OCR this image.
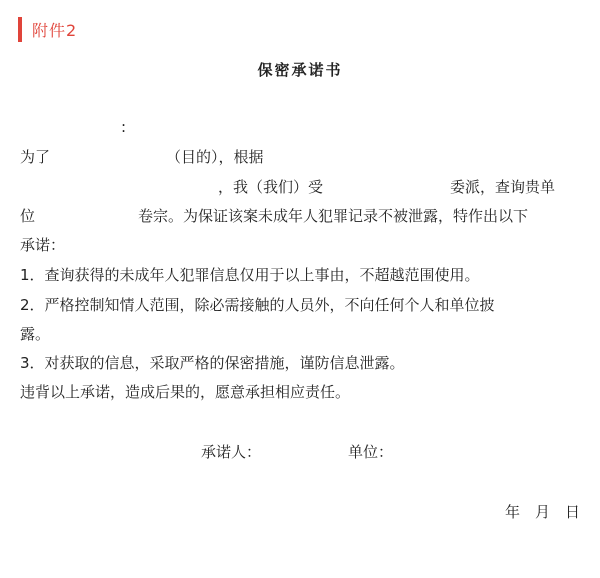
附件2
保密承诺书
:
为了	（目的），根据
，我（我们）受	委派，查询贵单
位	卷宗。为保证该案未成年人犯罪记录不被泄露，特作出以下
承诺：
1．查询获得的未成年人犯罪信息仅用于以上事由，不超越范围使用。
2．严格控制知情人范围，除必需接触的人员外，不向任何个人和单位披
露。
3．对获取的信息，采取严格的保密措施，谨防信息泄露。
违背以上承诺，造成后果的，愿意承担相应责任。
承诺人：	单位：
年　月　日
